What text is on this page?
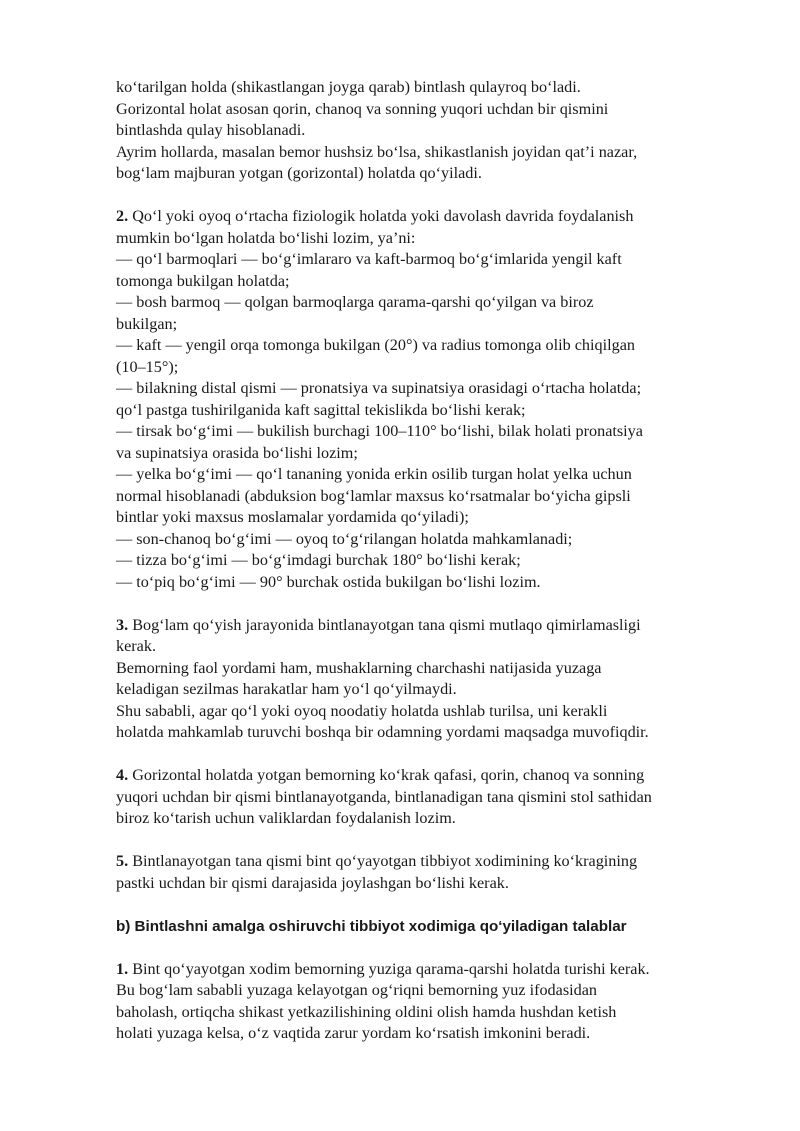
ko‘tarilgan holda (shikastlangan joyga qarab) bintlash qulayroq bo‘ladi.
Gorizontal holat asosan qorin, chanoq va sonning yuqori uchdan bir qismini
bintlashda qulay hisoblanadi.
Ayrim hollarda, masalan bemor hushsiz bo‘lsa, shikastlanish joyidan qat’i nazar,
bog‘lam majburan yotgan (gorizontal) holatda qo‘yiladi.
2. Qo‘l yoki oyoq o‘rtacha fiziologik holatda yoki davolash davrida foydalanish
mumkin bo‘lgan holatda bo‘lishi lozim, ya’ni:
— qo‘l barmoqlari — bo‘g‘imlararo va kaft-barmoq bo‘g‘imlarida yengil kaft
tomonga bukilgan holatda;
— bosh barmoq — qolgan barmoqlarga qarama-qarshi qo‘yilgan va biroz
bukilgan;
— kaft — yengil orqa tomonga bukilgan (20°) va radius tomonga olib chiqilgan
(10–15°);
— bilakning distal qismi — pronatsiya va supinatsiya orasidagi o‘rtacha holatda;
qo‘l pastga tushirilganida kaft sagittal tekislikda bo‘lishi kerak;
— tirsak bo‘g‘imi — bukilish burchagi 100–110° bo‘lishi, bilak holati pronatsiya
va supinatsiya orasida bo‘lishi lozim;
— yelka bo‘g‘imi — qo‘l tananing yonida erkin osilib turgan holat yelka uchun
normal hisoblanadi (abduksion bog‘lamlar maxsus ko‘rsatmalar bo‘yicha gipsli
bintlar yoki maxsus moslamalar yordamida qo‘yiladi);
— son-chanoq bo‘g‘imi — oyoq to‘g‘rilangan holatda mahkamlanadi;
— tizza bo‘g‘imi — bo‘g‘imdagi burchak 180° bo‘lishi kerak;
— to‘piq bo‘g‘imi — 90° burchak ostida bukilgan bo‘lishi lozim.
3. Bog‘lam qo‘yish jarayonida bintlanayotgan tana qismi mutlaqo qimirlamasligi
kerak.
Bemorning faol yordami ham, mushaklarning charchashi natijasida yuzaga
keladigan sezilmas harakatlar ham yo‘l qo‘yilmaydi.
Shu sababli, agar qo‘l yoki oyoq noodatiy holatda ushlab turilsa, uni kerakli
holatda mahkamlab turuvchi boshqa bir odamning yordami maqsadga muvofiqdir.
4. Gorizontal holatda yotgan bemorning ko‘krak qafasi, qorin, chanoq va sonning
yuqori uchdan bir qismi bintlanayotganda, bintlanadigan tana qismini stol sathidan
biroz ko‘tarish uchun valiklardan foydalanish lozim.
5. Bintlanayotgan tana qismi bint qo‘yayotgan tibbiyot xodimining ko‘kragining
pastki uchdan bir qismi darajasida joylashgan bo‘lishi kerak.
b) Bintlashni amalga oshiruvchi tibbiyot xodimiga qo‘yiladigan talablar
1. Bint qo‘yayotgan xodim bemorning yuziga qarama-qarshi holatda turishi kerak.
Bu bog‘lam sababli yuzaga kelayotgan og‘riqni bemorning yuz ifodasidan
baholash, ortiqcha shikast yetkazilishining oldini olish hamda hushdan ketish
holati yuzaga kelsa, o‘z vaqtida zarur yordam ko‘rsatish imkonini beradi.
